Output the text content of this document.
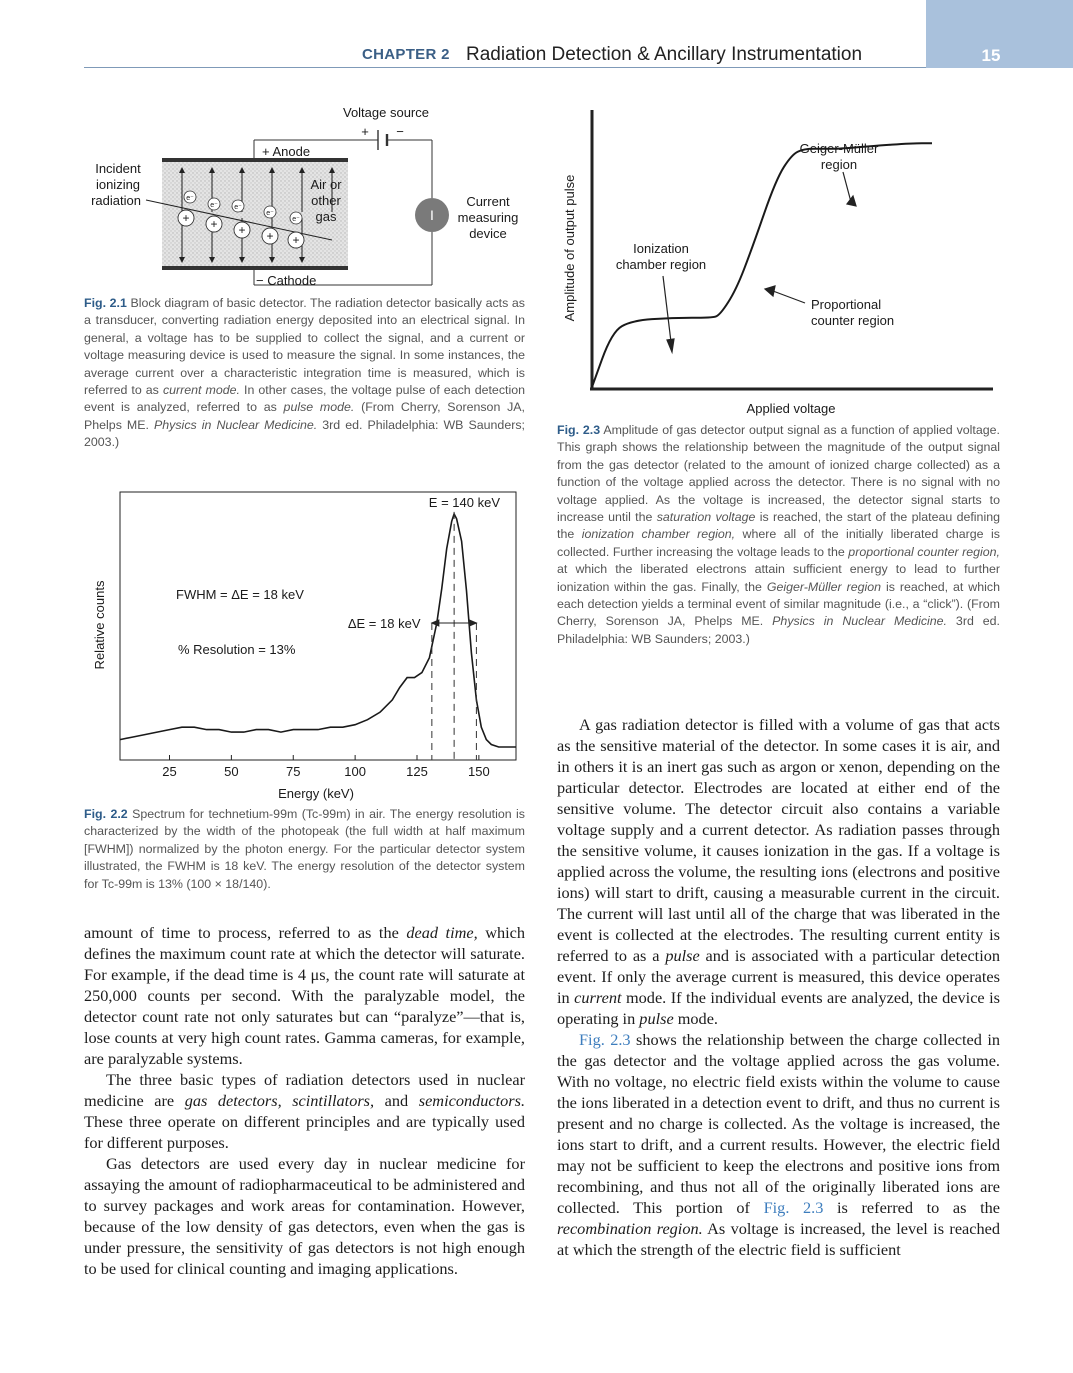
CHAPTER 2 Radiation Detection & Ancillary Instrumentation	15
Voltage source
+ −
I
+ Anode
− Cathode
e⁻
e⁻ e⁻
e⁻
e⁻
+ + + + +
Incident
ionizing
radiation
Air or
other
gas
Current
measuring
device
Fig. 2.1 Block diagram of basic detector. The radiation detector basically acts as a transducer, converting radiation energy deposited into an electrical signal. In general, a voltage has to be supplied to collect the signal, and a current or voltage measuring device is used to measure the signal. In some instances, the average current over a characteristic integration time is measured, which is referred to as current mode. In other cases, the voltage pulse of each detection event is analyzed, referred to as pulse mode. (From Cherry, Sorenson JA, Phelps ME. Physics in Nuclear Medicine. 3rd ed. Philadelphia: WB Saunders; 2003.)
25	50	75	100	125	150
E = 140 keV
FWHM = ΔE = 18 keV
% Resolution = 13%
ΔE = 18 keV
Relative counts
Energy (keV)
Fig. 2.2 Spectrum for technetium-99m (Tc-99m) in air. The energy resolution is characterized by the width of the photopeak (the full width at half maximum [FWHM]) normalized by the photon energy. For the particular detector system illustrated, the FWHM is 18 keV. The energy resolution of the detector system for Tc-99m is 13% (100 × 18/140).
Geiger-Müller
region
Ionization
chamber region
Proportional
counter region
Amplitude of output pulse
Applied voltage
Fig. 2.3 Amplitude of gas detector output signal as a function of applied voltage. This graph shows the relationship between the magnitude of the output signal from the gas detector (related to the amount of ionized charge collected) as a function of the voltage applied across the detector. There is no signal with no voltage applied. As the voltage is increased, the detector signal starts to increase until the saturation voltage is reached, the start of the plateau defining the ionization chamber region, where all of the initially liberated charge is collected. Further increasing the voltage leads to the proportional counter region, at which the liberated electrons attain sufficient energy to lead to further ionization within the gas. Finally, the Geiger-Müller region is reached, at which each detection yields a terminal event of similar magnitude (i.e., a “click”). (From Cherry, Sorenson JA, Phelps ME. Physics in Nuclear Medicine. 3rd ed. Philadelphia: WB Saunders; 2003.)

amount of time to process, referred to as the dead time, which defines the maximum count rate at which the detector will saturate. For example, if the dead time is 4 μs, the count rate will saturate at 250,000 counts per second. With the paralyzable model, the detector count rate not only saturates but can “paralyze”—that is, lose counts at very high count rates. Gamma cameras, for example, are paralyzable systems.

The three basic types of radiation detectors used in nuclear medicine are gas detectors, scintillators, and semiconductors. These three operate on different principles and are typically used for different purposes.

Gas detectors are used every day in nuclear medicine for assaying the amount of radiopharmaceutical to be administered and to survey packages and work areas for contamination. However, because of the low density of gas detectors, even when the gas is under pressure, the sensitivity of gas detectors is not high enough to be used for clinical counting and imaging applications.

A gas radiation detector is filled with a volume of gas that acts as the sensitive material of the detector. In some cases it is air, and in others it is an inert gas such as argon or xenon, depending on the particular detector. Electrodes are located at either end of the sensitive volume. The detector circuit also contains a variable voltage supply and a current detector. As radiation passes through the sensitive volume, it causes ionization in the gas. If a voltage is applied across the volume, the resulting ions (electrons and positive ions) will start to drift, causing a measurable current in the circuit. The current will last until all of the charge that was liberated in the event is collected at the electrodes. The resulting current entity is referred to as a pulse and is associated with a particular detection event. If only the average current is measured, this device operates in current mode. If the individual events are analyzed, the device is operating in pulse mode.

Fig. 2.3 shows the relationship between the charge collected in the gas detector and the voltage applied across the gas volume. With no voltage, no electric field exists within the volume to cause the ions liberated in a detection event to drift, and thus no current is present and no charge is collected. As the voltage is increased, the ions start to drift, and a current results. However, the electric field may not be sufficient to keep the electrons and positive ions from recombining, and thus not all of the originally liberated ions are collected. This portion of Fig. 2.3 is referred to as the recombination region. As voltage is increased, the level is reached at which the strength of the electric field is sufficient
